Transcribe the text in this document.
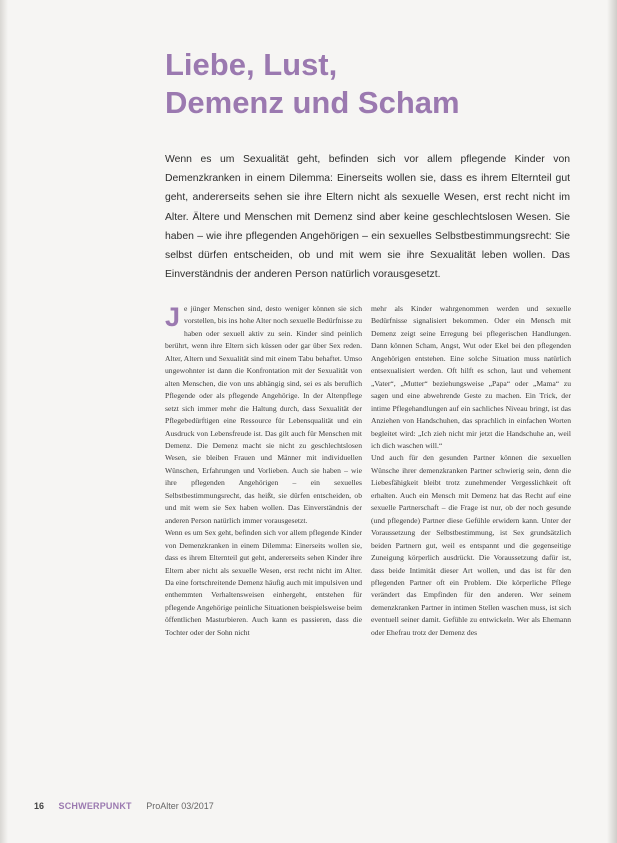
Liebe, Lust,
Demenz und Scham

Wenn es um Sexualität geht, befinden sich vor allem pflegende Kinder von Demenzkranken in einem Dilemma: Einerseits wollen sie, dass es ihrem Elternteil gut geht, andererseits sehen sie ihre Eltern nicht als sexuelle Wesen, erst recht nicht im Alter. Ältere und Menschen mit Demenz sind aber keine geschlechtslosen Wesen. Sie haben – wie ihre pflegenden Angehörigen – ein sexuelles Selbstbestimmungsrecht: Sie selbst dürfen entscheiden, ob und mit wem sie ihre Sexualität leben wollen. Das Einverständnis der anderen Person natürlich vorausgesetzt.

Je jünger Menschen sind, desto weniger können sie sich vorstellen, bis ins hohe Alter noch sexuelle Bedürfnisse zu haben oder sexuell aktiv zu sein. Kinder sind peinlich berührt, wenn ihre Eltern sich küssen oder gar über Sex reden. Alter, Altern und Sexualität sind mit einem Tabu behaftet. Umso ungewohnter ist dann die Konfrontation mit der Sexualität von alten Menschen, die von uns abhängig sind, sei es als beruflich Pflegende oder als pflegende Angehörige. In der Altenpflege setzt sich immer mehr die Haltung durch, dass Sexualität der Pflegebedürftigen eine Ressource für Lebensqualität und ein Ausdruck von Lebensfreude ist. Das gilt auch für Menschen mit Demenz. Die Demenz macht sie nicht zu geschlechtslosen Wesen, sie bleiben Frauen und Männer mit individuellen Wünschen, Erfahrungen und Vorlieben. Auch sie haben – wie ihre pflegenden Angehörigen – ein sexuelles Selbstbestimmungsrecht, das heißt, sie dürfen entscheiden, ob und mit wem sie Sex haben wollen. Das Einverständnis der anderen Person natürlich immer vorausgesetzt.

Wenn es um Sex geht, befinden sich vor allem pflegende Kinder von Demenzkranken in einem Dilemma: Einerseits wollen sie, dass es ihrem Elternteil gut geht, andererseits sehen Kinder ihre Eltern aber nicht als sexuelle Wesen, erst recht nicht im Alter. Da eine fortschreitende Demenz häufig auch mit impulsiven und enthemmten Verhaltensweisen einhergeht, entstehen für pflegende Angehörige peinliche Situationen beispielsweise beim öffentlichen Masturbieren. Auch kann es passieren, dass die Tochter oder der Sohn nicht

mehr als Kinder wahrgenommen werden und sexuelle Bedürfnisse signalisiert bekommen. Oder ein Mensch mit Demenz zeigt seine Erregung bei pflegerischen Handlungen. Dann können Scham, Angst, Wut oder Ekel bei den pflegenden Angehörigen entstehen. Eine solche Situation muss natürlich entsexualisiert werden. Oft hilft es schon, laut und vehement „Vater“, „Mutter“ beziehungsweise „Papa“ oder „Mama“ zu sagen und eine abwehrende Geste zu machen. Ein Trick, der intime Pflegehandlungen auf ein sachliches Niveau bringt, ist das Anziehen von Handschuhen, das sprachlich in einfachen Worten begleitet wird: „Ich zieh nicht mir jetzt die Handschuhe an, weil ich dich waschen will.“

Und auch für den gesunden Partner können die sexuellen Wünsche ihrer demenzkranken Partner schwierig sein, denn die Liebesfähigkeit bleibt trotz zunehmender Vergesslichkeit oft erhalten. Auch ein Mensch mit Demenz hat das Recht auf eine sexuelle Partnerschaft – die Frage ist nur, ob der noch gesunde (und pflegende) Partner diese Gefühle erwidern kann. Unter der Voraussetzung der Selbstbestimmung, ist Sex grundsätzlich beiden Partnern gut, weil es entspannt und die gegenseitige Zuneigung körperlich ausdrückt. Die Voraussetzung dafür ist, dass beide Intimität dieser Art wollen, und das ist für den pflegenden Partner oft ein Problem. Die körperliche Pflege verändert das Empfinden für den anderen. Wer seinem demenzkranken Partner in intimen Stellen waschen muss, ist sich eventuell seiner damit. Gefühle zu entwickeln. Wer als Ehemann oder Ehefrau trotz der Demenz des

16 SCHWERPUNKT ProAlter 03/2017
